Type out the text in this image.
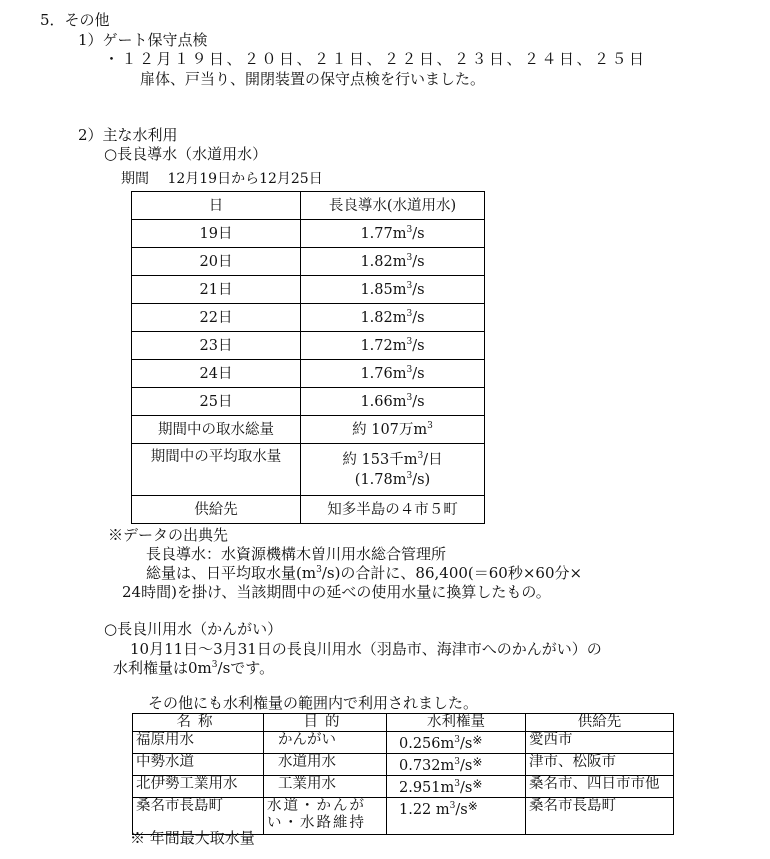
5．その他
1）ゲート保守点検
・１２月１９日、２０日、２１日、２２日、２３日、２４日、２５日
扉体、戸当り、開閉装置の保守点検を行いました。
2）主な水利用
○長良導水（水道用水）
期間 12月19日から12月25日
日	長良導水(水道用水)
19日	$1.77m^3/s$
20日	$1.82m^3/s$
21日	$1.85m^3/s$
22日	$1.82m^3/s$
23日	$1.72m^3/s$
24日	$1.76m^3/s$
25日	$1.66m^3/s$
期間中の取水総量	約 107万$m^3$
期間中の平均取水量	約 153千$m^3/$日
$(1.78m^3/s)$
供給先	知多半島の４市５町
※データの出典先
長良導水：水資源機構木曽川用水総合管理所
総量は、日平均取水量$(m^3/s)$の合計に、86,400(＝60秒×60分×
24時間)を掛け、当該期間中の延べの使用水量に換算したもの。
○長良川用水（かんがい）
10月11日～3月31日の長良川用水（羽島市、海津市へのかんがい）の
水利権量は$0m^3/s$です。
その他にも水利権量の範囲内で利用されました。
名称	目的	水利権量	供給先
福原用水	かんがい	$0.256m^3/s^※$	愛西市
中勢水道	水道用水	$0.732m^3/s^※$	津市、松阪市
北伊勢工業用水	工業用水	$2.951m^3/s^※$	桑名市、四日市市他
桑名市長島町	水道・かんがい・水路維持	1.22 $m^3/s^※$	桑名市長島町
※ 年間最大取水量
